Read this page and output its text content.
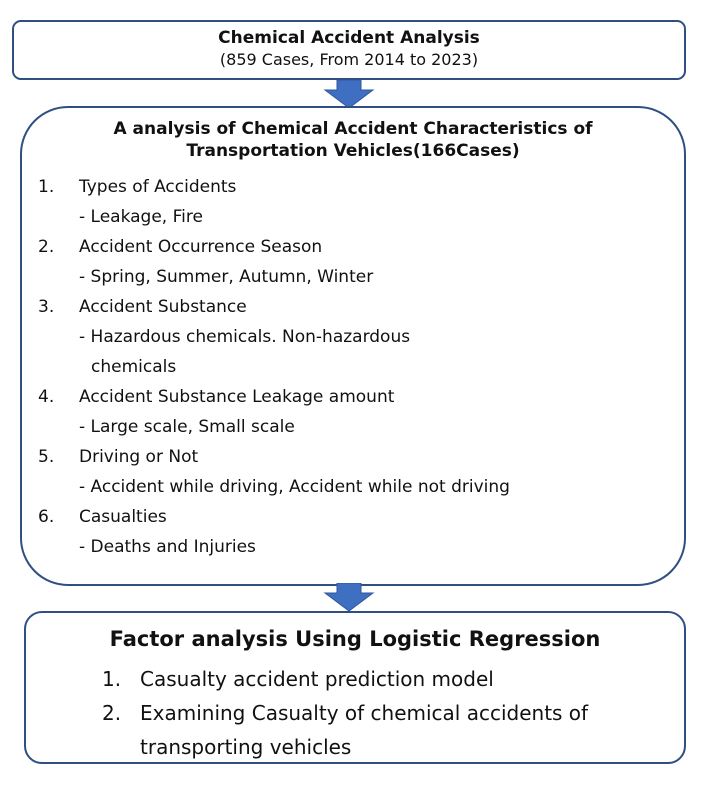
Chemical Accident Analysis
(859 Cases, From 2014 to 2023)
A analysis of Chemical Accident Characteristics of
Transportation Vehicles(166Cases)
1. Types of Accidents
- Leakage, Fire
2. Accident Occurrence Season
- Spring, Summer, Autumn, Winter
3. Accident Substance
- Hazardous chemicals. Non-hazardous
chemicals
4. Accident Substance Leakage amount
- Large scale, Small scale
5. Driving or Not
- Accident while driving, Accident while not driving
6. Casualties
- Deaths and Injuries
Factor analysis Using Logistic Regression
1. Casualty accident prediction model
2. Examining Casualty of chemical accidents of
transporting vehicles
